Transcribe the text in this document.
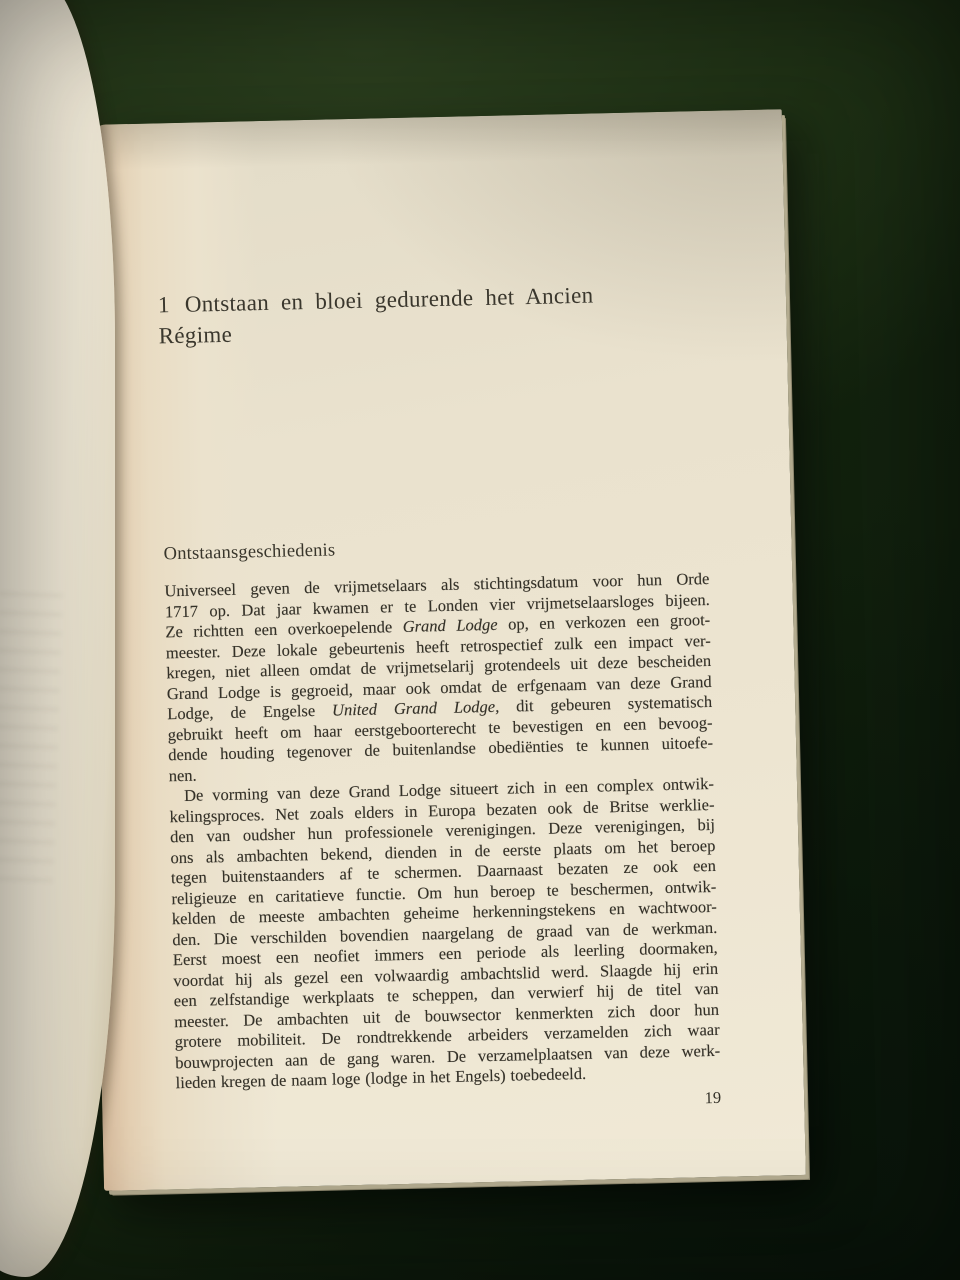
1 Ontstaan en bloei gedurende het Ancien
Régime
Ontstaansgeschiedenis
Universeel geven de vrijmetselaars als stichtingsdatum voor hun Orde
1717 op. Dat jaar kwamen er te Londen vier vrijmetselaarsloges bijeen.
Ze richtten een overkoepelende Grand Lodge op, en verkozen een groot-
meester. Deze lokale gebeurtenis heeft retrospectief zulk een impact ver-
kregen, niet alleen omdat de vrijmetselarij grotendeels uit deze bescheiden
Grand Lodge is gegroeid, maar ook omdat de erfgenaam van deze Grand
Lodge, de Engelse United Grand Lodge, dit gebeuren systematisch
gebruikt heeft om haar eerstgeboorterecht te bevestigen en een bevoog-
dende houding tegenover de buitenlandse obediënties te kunnen uitoefe-
nen.
De vorming van deze Grand Lodge situeert zich in een complex ontwik-
kelingsproces. Net zoals elders in Europa bezaten ook de Britse werklie-
den van oudsher hun professionele verenigingen. Deze verenigingen, bij
ons als ambachten bekend, dienden in de eerste plaats om het beroep
tegen buitenstaanders af te schermen. Daarnaast bezaten ze ook een
religieuze en caritatieve functie. Om hun beroep te beschermen, ontwik-
kelden de meeste ambachten geheime herkenningstekens en wachtwoor-
den. Die verschilden bovendien naargelang de graad van de werkman.
Eerst moest een neofiet immers een periode als leerling doormaken,
voordat hij als gezel een volwaardig ambachtslid werd. Slaagde hij erin
een zelfstandige werkplaats te scheppen, dan verwierf hij de titel van
meester. De ambachten uit de bouwsector kenmerkten zich door hun
grotere mobiliteit. De rondtrekkende arbeiders verzamelden zich waar
bouwprojecten aan de gang waren. De verzamelplaatsen van deze werk-
lieden kregen de naam loge (lodge in het Engels) toebedeeld.
19
